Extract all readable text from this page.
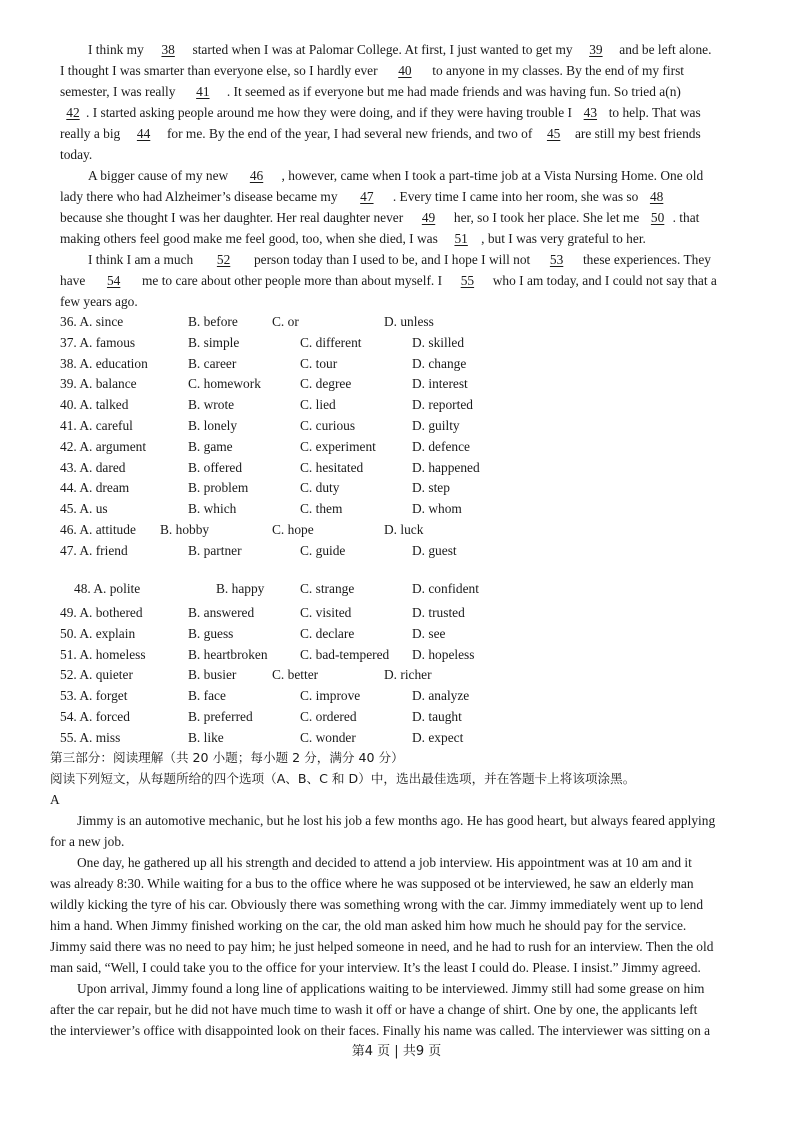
I think my 38 started when I was at Palomar College. At first, I just wanted to get my 39 and be left alone.
I thought I was smarter than everyone else, so I hardly ever 40 to anyone in my classes. By the end of my first
semester, I was really 41 . It seemed as if everyone but me had made friends and was having fun. So tried a(n)
42 . I started asking people around me how they were doing, and if they were having trouble I 43 to help. That was
really a big 44 for me. By the end of the year, I had several new friends, and two of 45 are still my best friends
today.
A bigger cause of my new 46 , however, came when I took a part-time job at a Vista Nursing Home. One old
lady there who had Alzheimer’s disease became my 47 . Every time I came into her room, she was so 48
because she thought I was her daughter. Her real daughter never 49 her, so I took her place. She let me 50 . that
making others feel good make me feel good, too, when she died, I was 51 , but I was very grateful to her.
I think I am a much 52 person today than I used to be, and I hope I will not 53 these experiences. They
have 54 me to care about other people more than about myself. I 55 who I am today, and I could not say that a
few years ago.
36. A. since	B. before	C. or	D. unless
37. A. famous	B. simple	C. different	D. skilled
38. A. education	B. career	C. tour	D. change
39. A. balance	C. homework	C. degree	D. interest
40. A. talked	B. wrote	C. lied	D. reported
41. A. careful	B. lonely	C. curious	D. guilty
42. A. argument	B. game	C. experiment	D. defence
43. A. dared	B. offered	C. hesitated	D. happened
44. A. dream	B. problem	C. duty	D. step
45. A. us	B. which	C. them	D. whom
46. A. attitude B. hobby	C. hope	D. luck
47. A. friend	B. partner	C. guide	D. guest
48. A. polite	B. happy	C. strange	D. confident
49. A. bothered	B. answered	C. visited	D. trusted
50. A. explain	B. guess	C. declare	D. see
51. A. homeless	B. heartbroken C. bad-tempered D. hopeless
52. A. quieter	B. busier	C. better	D. richer
53. A. forget	B. face	C. improve	D. analyze
54. A. forced	B. preferred	C. ordered	D. taught
55. A. miss	B. like	C. wonder	D. expect
第三部分：阅读理解（共 20 小题；每小题 2 分，满分 40 分）
阅读下列短文，从每题所给的四个选项（A、B、C 和 D）中，选出最佳选项，并在答题卡上将该项涂黑。
A
Jimmy is an automotive mechanic, but he lost his job a few months ago. He has good heart, but always feared applying
for a new job.
One day, he gathered up all his strength and decided to attend a job interview. His appointment was at 10 am and it
was already 8:30. While waiting for a bus to the office where he was supposed ot be interviewed, he saw an elderly man
wildly kicking the tyre of his car. Obviously there was something wrong with the car. Jimmy immediately went up to lend
him a hand. When Jimmy finished working on the car, the old man asked him how much he should pay for the service.
Jimmy said there was no need to pay him; he just helped someone in need, and he had to rush for an interview. Then the old
man said, “Well, I could take you to the office for your interview. It’s the least I could do. Please. I insist.” Jimmy agreed.
Upon arrival, Jimmy found a long line of applications waiting to be interviewed. Jimmy still had some grease on him
after the car repair, but he did not have much time to wash it off or have a change of shirt. One by one, the applicants left
the interviewer’s office with disappointed look on their faces. Finally his name was called. The interviewer was sitting on a
第4 页 | 共9 页
